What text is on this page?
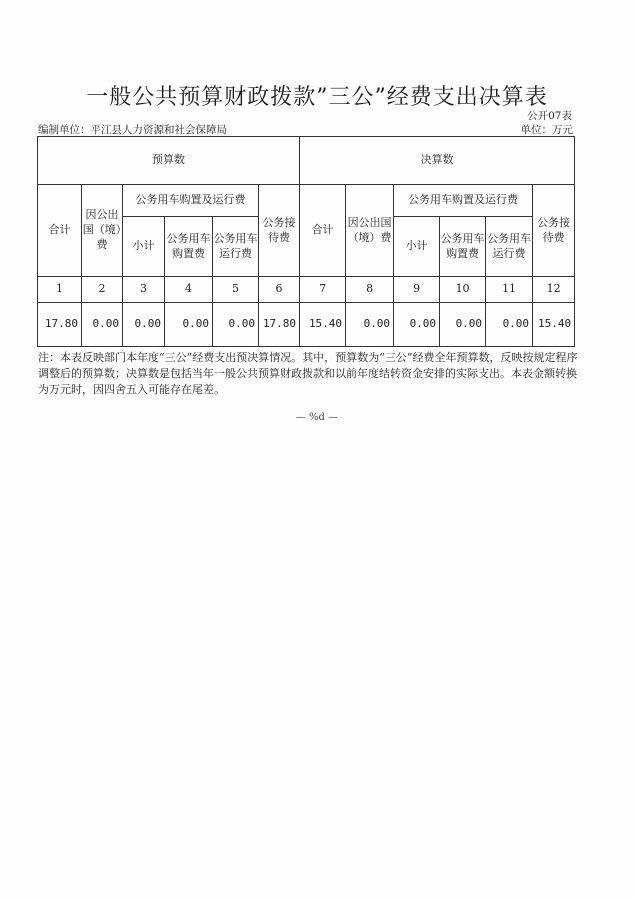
一般公共预算财政拨款”三公”经费支出决算表
公开07表
编制单位：平江县人力资源和社会保障局	单位：万元
预算数						决算数					
合计	因公出国（境）费	公务用车购置及运行费			公务接待费	合计	因公出国（境）费	公务用车购置及运行费			公务接待费
		小计	公务用车购置费	公务用车运行费				小计	公务用车购置费	公务用车运行费	
1	2	3	4	5	6	7	8	9	10	11	12
17.80	0.00	0.00	0.00	0.00	17.80	15.40	0.00	0.00	0.00	0.00	15.40
注：本表反映部门本年度“三公”经费支出预决算情况。其中，预算数为“三公”经费全年预算数，反映按规定程序调整后的预算数；决算数是包括当年一般公共预算财政拨款和以前年度结转资金安排的实际支出。本表金额转换为万元时，因四舍五入可能存在尾差。
— %d —
